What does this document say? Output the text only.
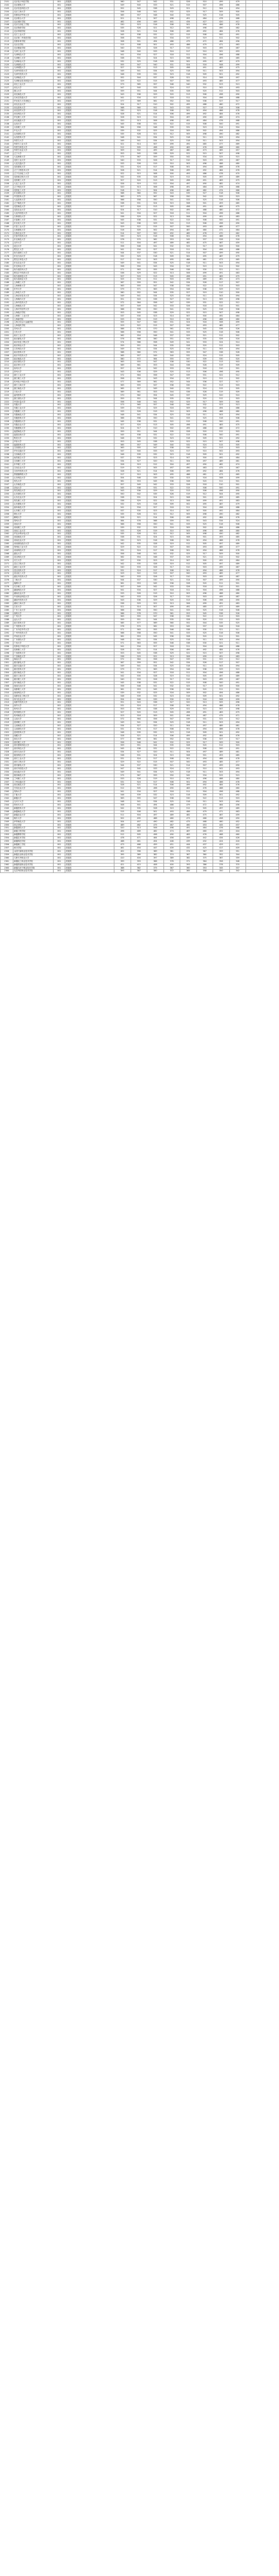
2101	北京电子科技学院	001	普通类	560	547	542	531	526	510	499	479		
2102	北京建筑大学	001	普通类	549	540	533	521	515	507	496	486		
2103	北京信息科技大学	001	普通类	552	545	538	529	521	512	504	494		
2104	北京工商大学	001	普通类	556	548	541	532	525	517	509	500		
2105	首都经济贸易大学	001	普通类	565	557	548	540	533	525	516	505		
2106	北京联合大学	001	普通类	521	514	507	498	491	484	476	468		
2107	北京城市学院	001	普通类	462	456	449	441	434	427	420	412		
2108	北京石油化工学院	001	普通类	530	523	516	508	501	494	486	478		
2109	北京物资学院	001	普通类	535	528	521	512	505	498	490	482		
2110	北京印刷学院	001	普通类	528	521	514	506	499	492	484	476		
2111	北方工业大学	001	普通类	545	538	531	522	515	508	500	491		
2112	北京第二外国语学院	001	普通类	558	550	543	534	527	519	511	502		
2113	首都体育学院	001	普通类	508	501	494	486	479	472	464	456		
2114	北京农学院	001	普通类	515	508	501	493	486	479	471	463		
2115	北京服装学院	001	普通类	540	533	526	517	510	503	495	487		
2116	天津工业大学	001	普通类	548	540	533	524	517	510	502	493		
2117	天津科技大学	001	普通类	541	534	527	518	511	504	496	488		
2118	天津理工大学	001	普通类	538	531	524	515	508	501	493	485		
2119	天津商业大学	001	普通类	532	525	518	509	502	495	487	479		
2120	天津财经大学	001	普通类	555	547	540	531	524	516	508	499		
2121	天津城建大学	001	普通类	527	520	513	505	498	491	483	475		
2122	天津外国语大学	001	普通类	549	541	534	525	518	511	503	494		
2123	天津中医药大学	001	普通类	546	539	532	523	516	509	501	492		
2124	天津师范大学	001	普通类	552	544	537	528	521	514	506	497		
2125	天津职业技术师范大学	001	普通类	529	522	515	507	500	493	485	477		
2126	河北工业大学	001	普通类	573	565	557	548	540	532	523	513		
2127	河北大学	001	普通类	547	540	533	524	517	510	502	493		
2128	燕山大学	001	普通类	559	551	544	535	528	520	512	503		
2129	河北师范大学	001	普通类	543	536	529	520	513	506	498	490		
2130	石家庄铁道大学	001	普通类	541	534	527	518	511	504	496	488		
2131	华北电力大学(保定)	001	普通类	577	569	561	552	544	536	527	517		
2132	河北农业大学	001	普通类	524	517	510	502	495	488	480	472		
2133	河北医科大学	001	普通类	568	560	552	543	535	527	518	508		
2134	河北经贸大学	001	普通类	530	523	516	508	501	494	486	478		
2135	河北科技大学	001	普通类	528	521	514	506	499	492	484	476		
2136	华北理工大学	001	普通类	526	519	512	504	497	490	482	474		
2137	河北地质大学	001	普通类	520	513	506	498	491	484	476	468		
2138	山西大学	001	普通类	545	538	531	522	515	508	500	491		
2139	太原理工大学	001	普通类	564	556	548	539	531	523	514	504		
2140	中北大学	001	普通类	539	532	525	516	509	502	494	486		
2141	山西财经大学	001	普通类	535	528	521	512	505	498	490	482		
2142	山西医科大学	001	普通类	548	541	534	525	518	511	503	494		
2143	内蒙古大学	001	普通类	549	541	534	525	518	511	503	494		
2144	内蒙古工业大学	001	普通类	521	514	507	499	492	485	477	469		
2145	内蒙古科技大学	001	普通类	512	505	498	490	483	476	468	460		
2146	内蒙古农业大学	001	普通类	509	502	495	487	480	473	465	457		
2147	辽宁大学	001	普通类	553	545	538	529	522	515	507	498		
2148	大连海事大学	001	普通类	575	567	559	550	542	534	525	515		
2149	沈阳工业大学	001	普通类	540	533	526	517	510	503	495	487		
2150	大连交通大学	001	普通类	533	526	519	510	503	496	488	480		
2151	沈阳建筑大学	001	普通类	531	524	517	508	501	494	486	478		
2152	辽宁工程技术大学	001	普通类	528	521	514	506	499	492	484	476		
2153	辽宁石油化工大学	001	普通类	522	515	508	500	493	486	478	470		
2154	沈阳航空航天大学	001	普通类	542	535	528	519	512	505	497	489		
2155	沈阳理工大学	001	普通类	527	520	513	505	498	491	483	475		
2156	大连工业大学	001	普通类	526	519	512	504	497	490	482	474		
2157	辽宁科技大学	001	普通类	520	513	506	498	491	484	476	468		
2158	沈阳化工大学	001	普通类	518	511	504	496	489	482	474	466		
2159	东北财经大学	001	普通类	568	560	552	543	535	527	518	508		
2160	中国医科大学	001	普通类	583	575	567	558	550	542	533	523		
2161	大连医科大学	001	普通类	566	558	550	541	533	525	516	506		
2162	辽宁师范大学	001	普通类	538	531	524	515	508	501	493	485		
2163	沈阳师范大学	001	普通类	527	520	513	505	498	491	483	475		
2164	沈阳农业大学	001	普通类	524	517	510	502	495	488	480	472		
2165	大连外国语大学	001	普通类	541	534	527	518	511	504	496	488		
2166	吉林财经大学	001	普通类	536	529	522	513	506	499	491	483		
2167	长春理工大学	001	普通类	545	538	531	522	515	508	500	491		
2168	东北电力大学	001	普通类	543	536	529	520	513	506	498	490		
2169	长春工业大学	001	普通类	529	522	515	507	500	493	485	477		
2170	吉林建筑大学	001	普通类	516	509	502	494	487	480	472	464		
2171	吉林农业大学	001	普通类	514	507	500	492	485	478	470	462		
2172	长春中医药大学	001	普通类	530	523	516	508	501	494	486	478		
2173	东北师范大学	001	普通类	578	570	562	553	545	537	528	518		
2174	北华大学	001	普通类	511	504	497	489	482	475	467	459		
2175	延边大学	001	普通类	556	548	541	532	525	517	509	500		
2176	黑龙江大学	001	普通类	541	534	527	518	511	504	496	488		
2177	哈尔滨理工大学	001	普通类	544	537	530	521	514	507	499	490		
2178	东北石油大学	001	普通类	532	525	518	509	502	495	487	479		
2179	黑龙江科技大学	001	普通类	517	510	503	495	488	481	473	465		
2180	东北农业大学	001	普通类	549	541	534	525	518	511	503	494		
2181	东北林业大学	001	普通类	558	550	543	534	527	519	511	502		
2182	哈尔滨医科大学	001	普通类	571	563	555	546	538	530	521	511		
2183	黑龙江中医药大学	001	普通类	536	529	522	513	506	499	491	483		
2184	哈尔滨师范大学	001	普通类	527	520	513	505	498	491	483	475		
2185	哈尔滨商业大学	001	普通类	525	518	511	503	496	489	481	473		
2186	上海理工大学	001	普通类	567	559	551	542	534	526	517	507		
2187	上海海事大学	001	普通类	563	555	547	538	530	522	513	503		
2188	东华大学	001	普通类	579	571	563	554	546	538	529	519		
2189	上海电力大学	001	普通类	560	552	544	535	527	519	510	500		
2190	上海应用技术大学	001	普通类	549	541	534	525	518	511	503	494		
2191	上海海洋大学	001	普通类	551	543	536	527	520	513	505	496		
2192	上海中医药大学	001	普通类	572	564	556	547	539	531	522	512		
2193	上海师范大学	001	普通类	557	549	542	533	526	518	510	501		
2194	上海对外经贸大学	001	普通类	566	558	550	541	533	525	516	506		
2195	上海政法学院	001	普通类	553	545	538	529	522	515	507	498		
2196	上海第二工业大学	001	普通类	537	530	523	514	507	500	492	484		
2197	上海商学院	001	普通类	533	526	519	510	503	496	488	480		
2198	上海立信会计金融学院	001	普通类	555	547	540	531	524	516	508	499		
2199	上海电机学院	001	普通类	529	522	515	507	500	493	485	477		
2200	苏州大学	001	普通类	586	578	570	561	553	545	536	526		
2201	江苏大学	001	普通类	566	558	550	541	533	525	516	506		
2202	南京工业大学	001	普通类	562	554	546	537	529	521	512	502		
2203	南京邮电大学	001	普通类	576	568	560	551	543	535	526	516		
2204	南京信息工程大学	001	普通类	574	566	558	549	541	533	524	514		
2205	南京林业大学	001	普通类	559	551	544	535	528	520	512	503		
2206	江苏科技大学	001	普通类	549	541	534	525	518	511	503	494		
2207	南京医科大学	001	普通类	588	580	572	563	555	547	538	528		
2208	南京中医药大学	001	普通类	565	557	549	540	532	524	515	505		
2209	南京师范大学	001	普通类	580	572	564	555	547	539	530	520		
2210	南京财经大学	001	普通类	563	555	547	538	530	522	513	503		
2211	南京审计大学	001	普通类	569	561	553	544	536	528	519	509		
2212	扬州大学	001	普通类	557	549	542	533	526	518	510	501		
2213	常州大学	001	普通类	543	536	529	520	513	506	498	490		
2214	浙江工业大学	001	普通类	572	564	556	547	539	531	522	512		
2215	浙江理工大学	001	普通类	558	550	543	534	527	519	511	502		
2216	杭州电子科技大学	001	普通类	577	569	561	552	544	536	527	517		
2217	浙江工商大学	001	普通类	563	555	547	538	530	522	513	503		
2218	浙江师范大学	001	普通类	565	557	549	540	532	524	515	505		
2219	宁波大学	001	普通类	569	561	553	544	536	528	519	509		
2220	温州医科大学	001	普通类	570	562	554	545	537	529	520	510		
2221	浙江财经大学	001	普通类	559	551	544	535	528	520	512	503		
2222	中国计量大学	001	普通类	556	548	541	532	525	517	509	500		
2223	安徽大学	001	普通类	573	565	557	548	540	532	523	513		
2224	安徽工业大学	001	普通类	539	532	525	516	509	502	494	486		
2225	安徽理工大学	001	普通类	533	526	519	510	503	496	488	480		
2226	安徽师范大学	001	普通类	548	541	534	525	518	511	503	494		
2227	安徽医科大学	001	普通类	566	558	550	541	533	525	516	506		
2228	安徽财经大学	001	普通类	545	538	531	522	515	508	500	491		
2229	安徽农业大学	001	普通类	527	520	513	505	498	491	483	475		
2230	安徽建筑大学	001	普通类	524	517	510	502	495	488	480	472		
2231	福建师范大学	001	普通类	559	551	544	535	528	520	512	503		
2232	福建农林大学	001	普通类	545	538	531	522	515	508	500	491		
2233	集美大学	001	普通类	546	539	532	523	516	509	501	492		
2234	华侨大学	001	普通类	553	545	538	529	522	515	507	498		
2235	福建医科大学	001	普通类	565	557	549	540	532	524	515	505		
2236	江西财经大学	001	普通类	563	555	547	538	530	522	513	503		
2237	华东交通大学	001	普通类	547	540	533	524	517	510	502	493		
2238	江西师范大学	001	普通类	546	539	532	523	516	509	501	492		
2239	南昌航空大学	001	普通类	537	530	523	514	507	500	492	484		
2240	江西理工大学	001	普通类	534	527	520	511	504	497	489	481		
2241	东华理工大学	001	普通类	526	519	512	504	497	490	482	474		
2242	江西农业大学	001	普通类	519	512	505	497	490	483	475	467		
2243	江西中医药大学	001	普通类	528	521	514	506	499	492	484	476		
2244	景德镇陶瓷大学	001	普通类	517	510	503	495	488	481	473	465		
2245	山东科技大学	001	普通类	554	546	539	530	523	516	508	499		
2246	青岛大学	001	普通类	561	553	545	536	528	520	511	501		
2247	山东师范大学	001	普通类	557	549	542	533	526	518	510	501		
2248	济南大学	001	普通类	545	538	531	522	515	508	500	491		
2249	青岛科技大学	001	普通类	543	536	529	520	513	506	498	490		
2250	山东财经大学	001	普通类	550	542	535	526	519	512	504	495		
2251	山东农业大学	001	普通类	538	531	524	515	508	501	493	485		
2252	青岛理工大学	001	普通类	536	529	522	513	506	499	491	483		
2253	山东建筑大学	001	普通类	532	525	518	509	502	495	487	479		
2254	曲阜师范大学	001	普通类	541	534	527	518	511	504	496	488		
2255	山东理工大学	001	普通类	537	530	523	514	507	500	492	484		
2256	烟台大学	001	普通类	535	528	521	512	505	498	490	482		
2257	聊城大学	001	普通类	528	521	514	506	499	492	484	476		
2258	郑州大学	001	普通类	584	576	568	559	551	543	534	524		
2259	河南大学	001	普通类	566	558	550	541	533	525	516	506		
2260	河南理工大学	001	普通类	539	532	525	516	509	502	494	486		
2261	河南工业大学	001	普通类	533	526	519	510	503	496	488	480		
2262	华北水利水电大学	001	普通类	535	528	521	512	505	498	490	482		
2263	河南师范大学	001	普通类	538	531	524	515	508	501	493	485		
2264	河南农业大学	001	普通类	530	523	516	508	501	494	486	478		
2265	河南财经政法大学	001	普通类	542	535	528	519	512	505	497	489		
2266	郑州轻工业大学	001	普通类	529	522	515	507	500	493	485	477		
2267	河南科技大学	001	普通类	531	524	517	508	501	494	486	478		
2268	湖北大学	001	普通类	556	548	541	532	525	517	509	500		
2269	武汉科技大学	001	普通类	562	554	546	537	529	521	512	502		
2270	长江大学	001	普通类	537	530	523	514	507	500	492	484		
2271	武汉工程大学	001	普通类	542	535	528	519	512	505	497	489		
2272	湖北工业大学	001	普通类	540	533	526	517	510	503	495	487		
2273	武汉纺织大学	001	普通类	531	524	517	508	501	494	486	478		
2274	武汉轻工大学	001	普通类	529	522	515	507	500	493	485	477		
2275	湖北中医药大学	001	普通类	540	533	526	517	510	503	495	487		
2276	三峡大学	001	普通类	544	537	530	521	514	507	499	490		
2277	湘潭大学	001	普通类	561	553	545	536	528	520	511	501		
2278	长沙理工大学	001	普通类	557	549	542	533	526	518	510	501		
2279	湖南科技大学	001	普通类	541	534	527	518	511	504	496	488		
2280	湖南农业大学	001	普通类	533	526	519	510	503	496	488	480		
2281	中南林业科技大学	001	普通类	540	533	526	517	510	503	495	487		
2282	湖南中医药大学	001	普通类	543	536	529	520	513	506	498	490		
2283	湖南工商大学	001	普通类	536	529	522	513	506	499	491	483		
2284	吉首大学	001	普通类	521	514	507	499	492	485	477	469		
2285	广东工业大学	001	普通类	566	558	550	541	533	525	516	506		
2286	深圳大学	001	普通类	586	578	570	561	553	545	536	526		
2287	广州大学	001	普通类	563	555	547	538	530	522	513	503		
2288	汕头大学	001	普通类	559	551	544	535	528	520	512	503		
2289	南方医科大学	001	普通类	585	577	569	560	552	544	535	525		
2290	广州医科大学	001	普通类	578	570	562	553	545	537	528	518		
2291	广东外语外贸大学	001	普通类	571	563	555	546	538	530	521	511		
2292	广州中医药大学	001	普通类	566	558	550	541	533	525	516	506		
2293	华南农业大学	001	普通类	561	553	545	536	528	520	511	501		
2294	广东财经大学	001	普通类	548	541	534	525	518	511	503	494		
2295	广西大学	001	普通类	571	563	555	546	538	530	521	511		
2296	桂林电子科技大学	001	普通类	541	534	527	518	511	504	496	488		
2297	桂林理工大学	001	普通类	528	521	514	506	499	492	484	476		
2298	广西医科大学	001	普通类	553	545	538	529	522	515	507	498		
2299	广西师范大学	001	普通类	536	529	522	513	506	499	491	483		
2300	海南大学	001	普通类	572	564	556	547	539	531	522	512		
2301	重庆邮电大学	001	普通类	567	559	551	542	534	526	517	507		
2302	重庆交通大学	001	普通类	549	541	534	525	518	511	503	494		
2303	重庆医科大学	001	普通类	579	571	563	554	546	538	529	519		
2304	重庆师范大学	001	普通类	541	534	527	518	511	504	496	488		
2305	重庆工商大学	001	普通类	542	535	528	519	512	505	497	489		
2306	重庆理工大学	001	普通类	540	533	526	517	510	503	495	487		
2307	四川师范大学	001	普通类	545	538	531	522	515	508	500	491		
2308	西南石油大学	001	普通类	556	548	541	532	525	517	509	500		
2309	成都理工大学	001	普通类	561	553	545	536	528	520	511	501		
2310	西南科技大学	001	普通类	539	532	525	516	509	502	494	486		
2311	成都信息工程大学	001	普通类	546	539	532	523	516	509	501	492		
2312	四川农业大学	001	普通类	554	546	539	530	523	516	508	499		
2313	成都中医药大学	001	普通类	551	543	536	527	520	513	505	496		
2314	西华大学	001	普通类	531	524	517	508	501	494	486	478		
2315	贵州大学	001	普通类	553	545	538	529	522	515	507	498		
2316	贵州财经大学	001	普通类	527	520	513	505	498	491	483	475		
2317	贵州师范大学	001	普通类	523	516	509	501	494	487	479	471		
2318	云南大学	001	普通类	572	564	556	547	539	531	522	512		
2319	昆明理工大学	001	普通类	549	541	534	525	518	511	503	494		
2320	云南师范大学	001	普通类	534	527	520	511	504	497	489	481		
2321	云南财经大学	001	普通类	531	524	517	508	501	494	486	478		
2322	昆明医科大学	001	普通类	546	539	532	523	516	509	501	492		
2323	西藏大学	001	普通类	528	521	514	506	499	492	484	476		
2324	西北大学	001	普通类	577	569	561	552	544	536	527	517		
2325	西安理工大学	001	普通类	556	548	541	532	525	517	509	500		
2326	西安建筑科技大学	001	普通类	559	551	544	535	528	520	512	503		
2327	西安科技大学	001	普通类	545	538	531	522	515	508	500	491		
2328	西安石油大学	001	普通类	534	527	520	511	504	497	489	481		
2329	陕西科技大学	001	普通类	538	531	524	515	508	501	493	485		
2330	西安工业大学	001	普通类	531	524	517	508	501	494	486	478		
2331	西安工程大学	001	普通类	529	522	515	507	500	493	485	477		
2332	西安邮电大学	001	普通类	544	537	530	521	514	507	499	490		
2333	西安外国语大学	001	普通类	547	540	533	524	517	510	502	493		
2334	西北政法大学	001	普通类	549	541	534	525	518	511	503	494		
2335	陕西师范大学	001	普通类	575	567	559	550	542	534	525	515		
2336	兰州理工大学	001	普通类	533	526	519	510	503	496	488	480		
2337	兰州交通大学	001	普通类	531	524	517	508	501	494	486	478		
2338	西北师范大学	001	普通类	528	521	514	506	499	492	484	476		
2339	甘肃农业大学	001	普通类	512	505	498	490	483	476	468	460		
2340	青海大学	001	普通类	541	534	527	518	511	504	496	488		
2341	宁夏大学	001	普通类	546	539	532	523	516	509	501	492		
2342	新疆大学	001	普通类	563	555	547	538	530	522	513	503		
2343	石河子大学	001	普通类	548	541	534	525	518	511	503	494		
2344	塔里木大学	001	普通类	508	501	494	486	479	472	464	456		
2345	新疆医科大学	001	普通类	542	535	528	519	512	505	497	489		
2346	新疆师范大学	001	普通类	515	508	501	493	486	479	471	463		
2347	新疆农业大学	001	普通类	511	504	497	489	482	475	467	459		
2348	喀什大学	001	普通类	502	495	488	480	473	466	458	450		
2349	伊犁师范大学	001	普通类	504	497	490	482	475	468	460	452		
2350	昌吉学院	001	普通类	489	482	475	467	460	453	445	437		
2351	新疆财经大学	001	普通类	520	513	506	498	491	484	476	468		
2352	新疆工程学院	001	普通类	496	489	482	474	467	460	452	444		
2353	新疆警察学院	001	普通类	512	505	498	490	483	476	468	460		
2354	新疆艺术学院	001	普通类	478	471	464	456	449	442	434	426		
2355	新疆科技学院	001	普通类	468	461	454	446	439	432	424	416		
2356	新疆理工学院	001	普通类	473	466	459	451	444	437	429	421		
2357	和田学院	001	普通类	461	454	447	439	432	425	417	409		
2358	兵团兴新职业技术学院	001	普通类	402	396	389	381	374	367	359	351		
2359	新疆农业职业技术学院	001	普通类	395	389	382	374	367	360	352	344		
2360	乌鲁木齐职业大学	001	普通类	410	404	397	389	382	375	367	359		
2361	新疆轻工职业技术学院	001	普通类	399	393	386	378	371	364	356	348		
2362	新疆铁道职业技术学院	001	普通类	421	415	408	400	393	386	378	370		
2363	新疆石河子职业技术学院	001	普通类	388	382	375	367	360	353	345	337		
2364	克拉玛依职业技术学院	001	普通类	393	387	380	372	365	358	350	342		
